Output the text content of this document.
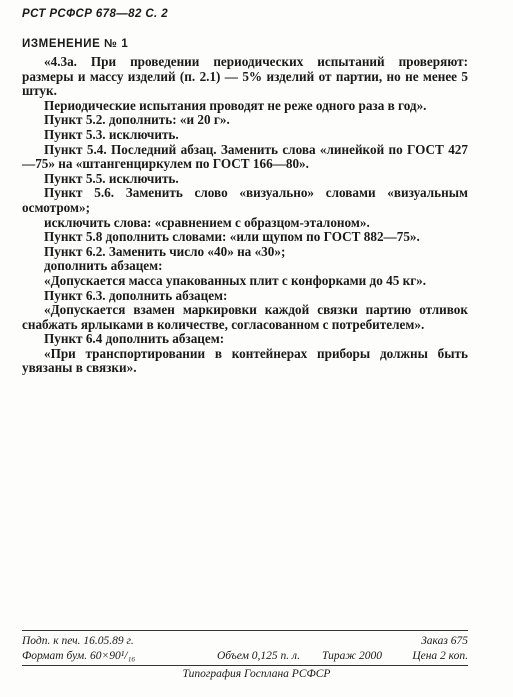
РСТ РСФСР 678—82 С. 2
ИЗМЕНЕНИЕ № 1

«4.3а. При проведении периодических испытаний проверяют: размеры и массу изделий (п. 2.1) — 5% изделий от партии, но не менее 5 штук.

Периодические испытания проводят не реже одного раза в год».

Пункт 5.2. дополнить: «и 20 г».

Пункт 5.3. исключить.

Пункт 5.4. Последний абзац. Заменить слова «линейкой по ГОСТ 427—75» на «штангенциркулем по ГОСТ 166—80».

Пункт 5.5. исключить.

Пункт 5.6. Заменить слово «визуально» словами «визуальным осмотром»;

исключить слова: «сравнением с образцом-эталоном».

Пункт 5.8 дополнить словами: «или щупом по ГОСТ 882—75».

Пункт 6.2. Заменить число «40» на «30»;

дополнить абзацем:

«Допускается масса упакованных плит с конфорками до 45 кг».

Пункт 6.3. дополнить абзацем:

«Допускается взамен маркировки каждой связки партию отливок снабжать ярлыками в количестве, согласованном с потребителем».

Пункт 6.4 дополнить абзацем:

«При транспортировании в контейнерах приборы должны быть увязаны в связки».

Подп. к печ. 16.05.89 г.	Заказ 675
Формат бум. 60×90¹/₁₆	Объем 0,125 п. л. Тираж 2000	Цена 2 коп.
Типография Госплана РСФСР
